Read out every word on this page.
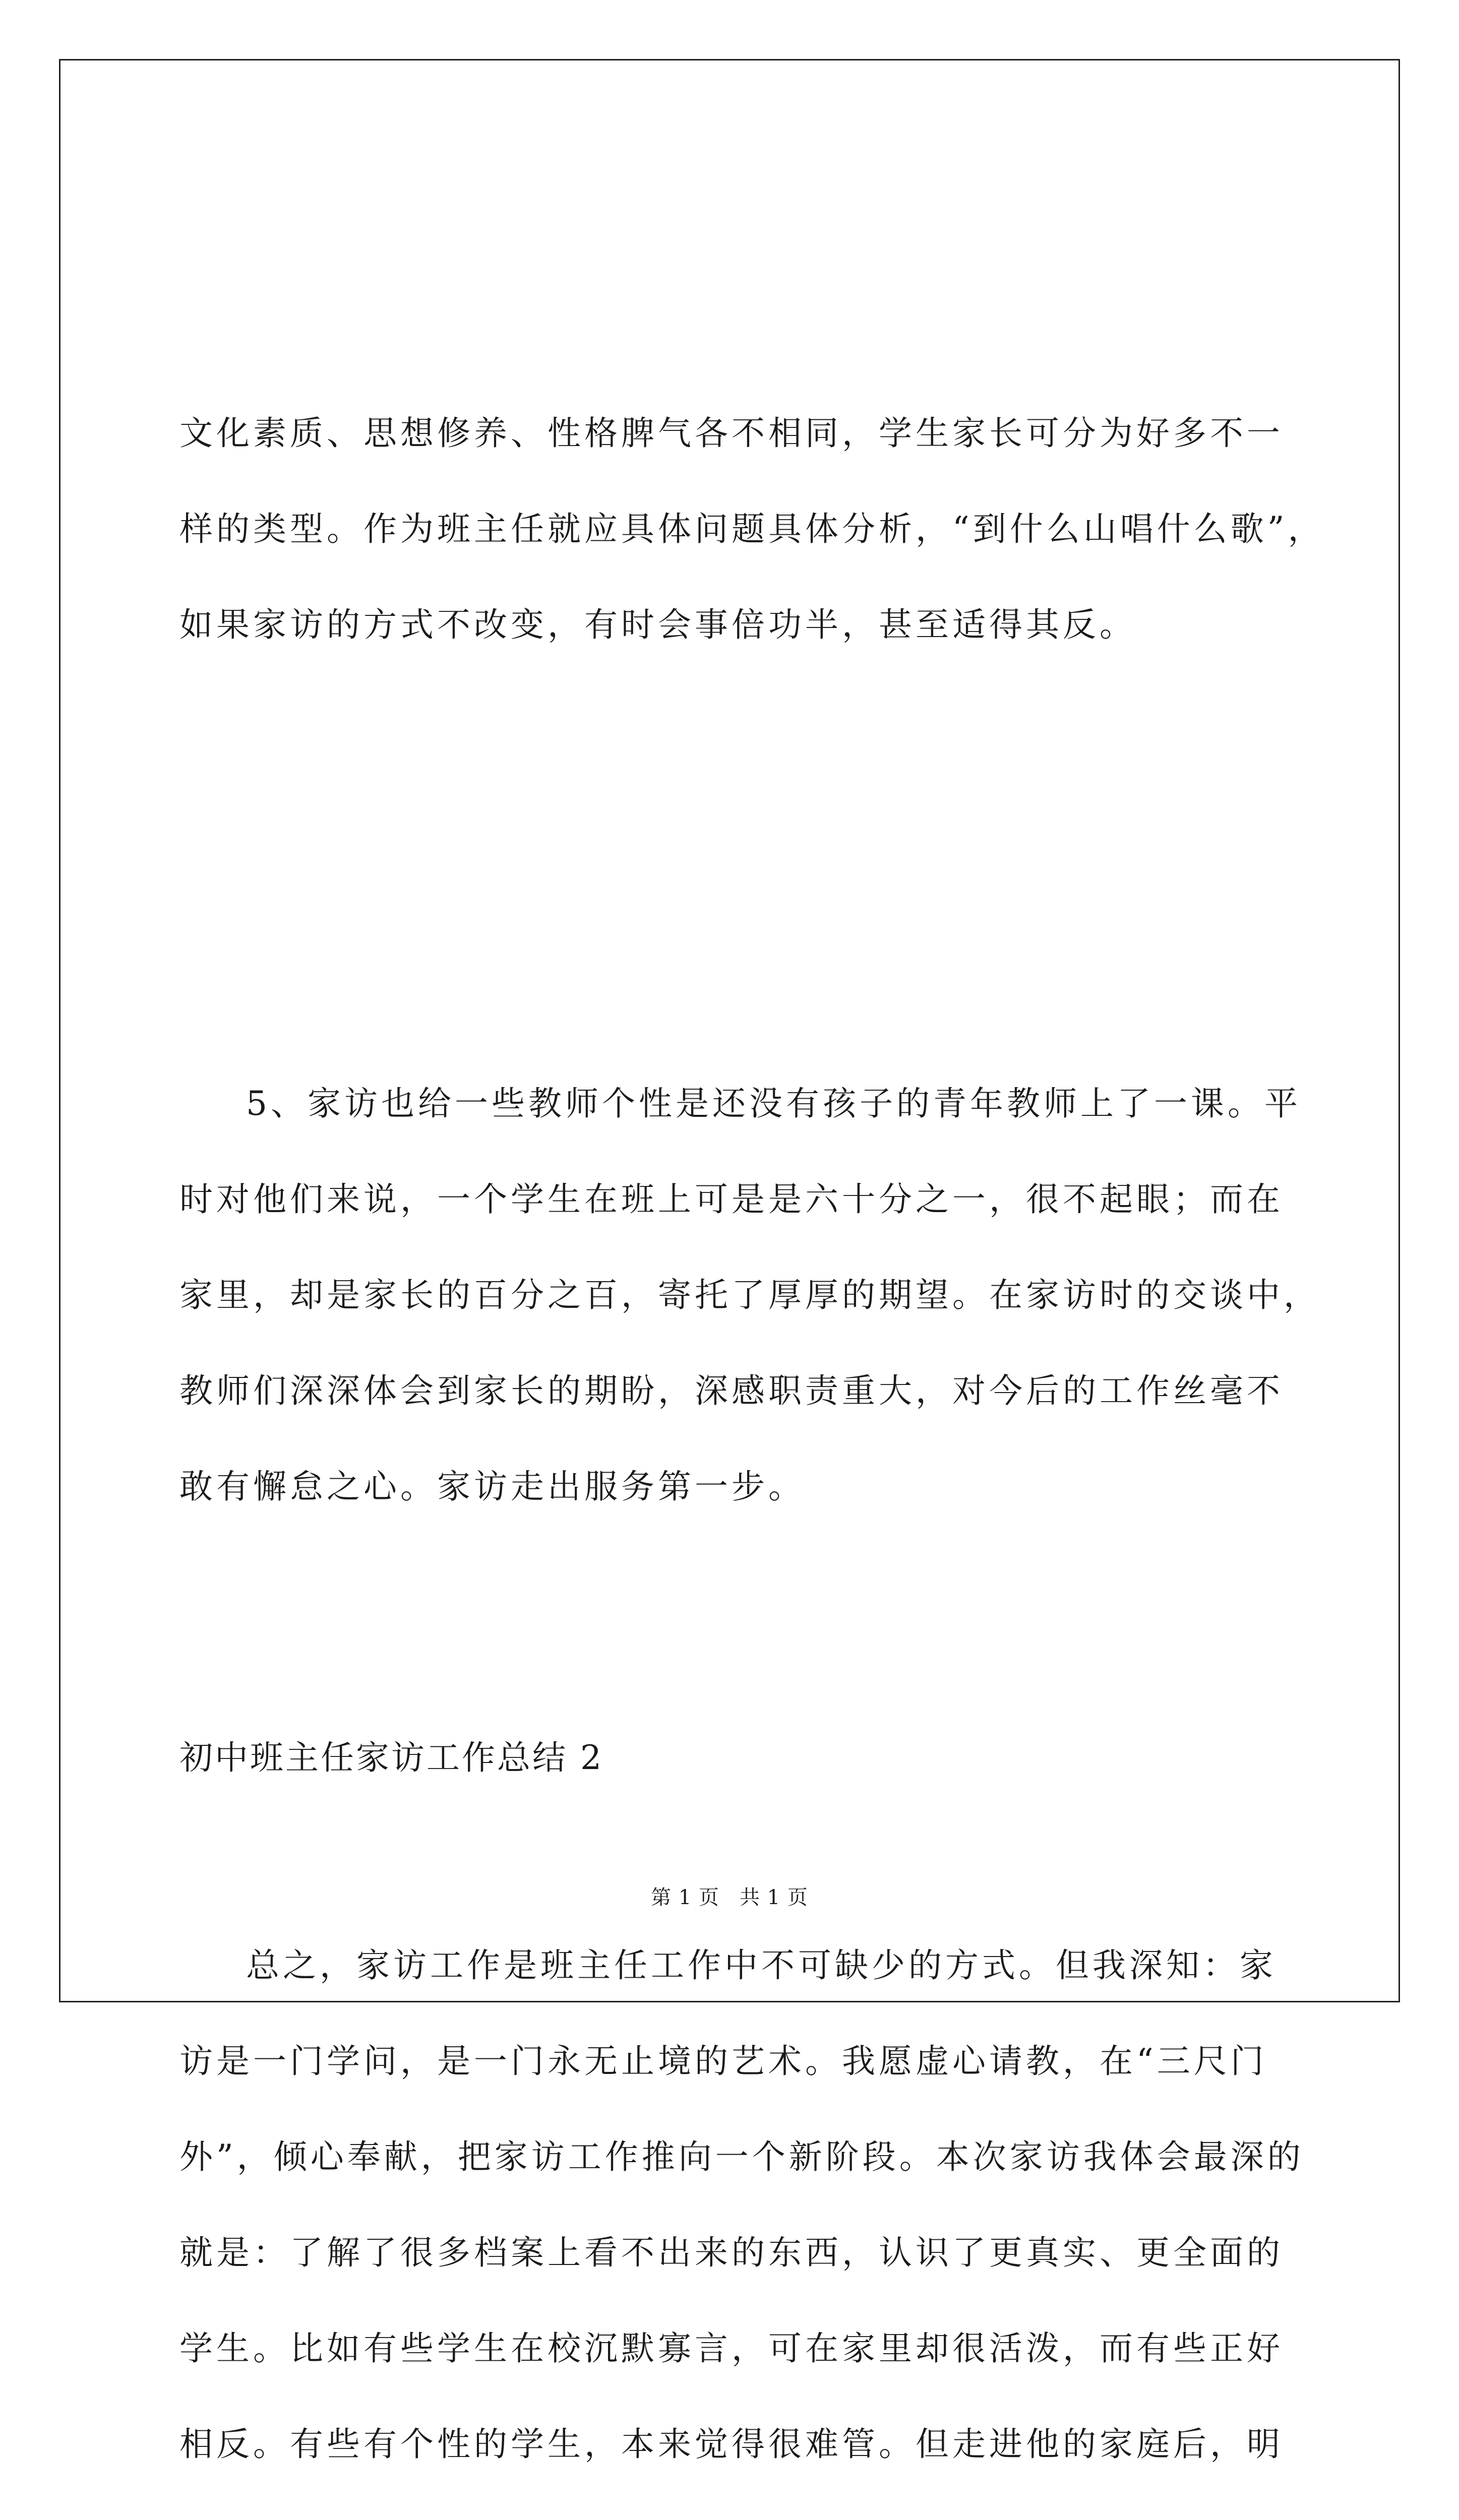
文化素质、思想修养、性格脾气各不相同，学生家长可分为好多不一
样的类型。作为班主任就应具体问题具体分析，“到什么山唱什么歌”，
如果家访的方式不改变，有时会事倍功半，甚至适得其反。

5、家访也给一些教师个性是还没有孩子的青年教师上了一课。平
时对他们来说，一个学生在班上可是是六十分之一，很不起眼；而在
家里，却是家长的百分之百，寄托了厚厚的期望。在家访时的交谈中，
教师们深深体会到家长的期盼，深感职责重大，对今后的工作丝毫不
敢有懈怠之心。家访走出服务第一步。

总之，家访工作是班主任工作中不可缺少的方式。但我深知：家
访是一门学问，是一门永无止境的艺术。我愿虚心请教，在“三尺门
外”，倾心奉献，把家访工作推向一个新阶段。本次家访我体会最深的
就是：了解了很多档案上看不出来的东西，认识了更真实、更全面的
学生。比如有些学生在校沉默寡言，可在家里却很活泼，而有些正好
相反。有些有个性的学生，本来觉得很难管。但走进他的家庭后，明

初中班主任家访工作总结 2
第 1 页 共 1 页
